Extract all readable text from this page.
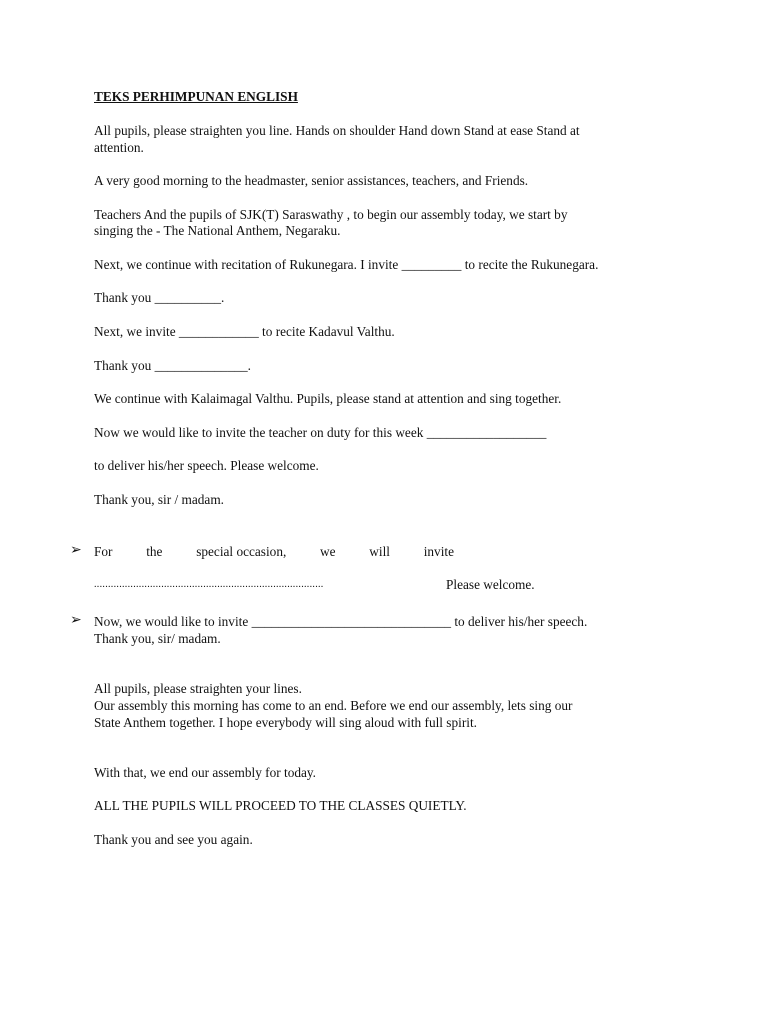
TEKS PERHIMPUNAN ENGLISH
All pupils, please straighten you line. Hands on shoulder Hand down Stand at ease Stand at
attention.
A very good morning to the headmaster, senior assistances, teachers, and Friends.
Teachers And the pupils of SJK(T) Saraswathy , to begin our assembly today, we start by
singing the - The National Anthem, Negaraku.
Next, we continue with recitation of Rukunegara. I invite _________ to recite the Rukunegara.
Thank you __________.
Next, we invite ____________ to recite Kadavul Valthu.
Thank you ______________.
We continue with Kalaimagal Valthu. Pupils, please stand at attention and sing together.
Now we would like to invite the teacher on duty for this week __________________
to deliver his/her speech. Please welcome.
Thank you, sir / madam.
➢ For	the	special occasion,	we	will	invite
..................................................................................	Please welcome.
➢ Now, we would like to invite ______________________________ to deliver his/her speech.
Thank you, sir/ madam.
All pupils, please straighten your lines.
Our assembly this morning has come to an end. Before we end our assembly, lets sing our
State Anthem together. I hope everybody will sing aloud with full spirit.
With that, we end our assembly for today.
ALL THE PUPILS WILL PROCEED TO THE CLASSES QUIETLY.
Thank you and see you again.
